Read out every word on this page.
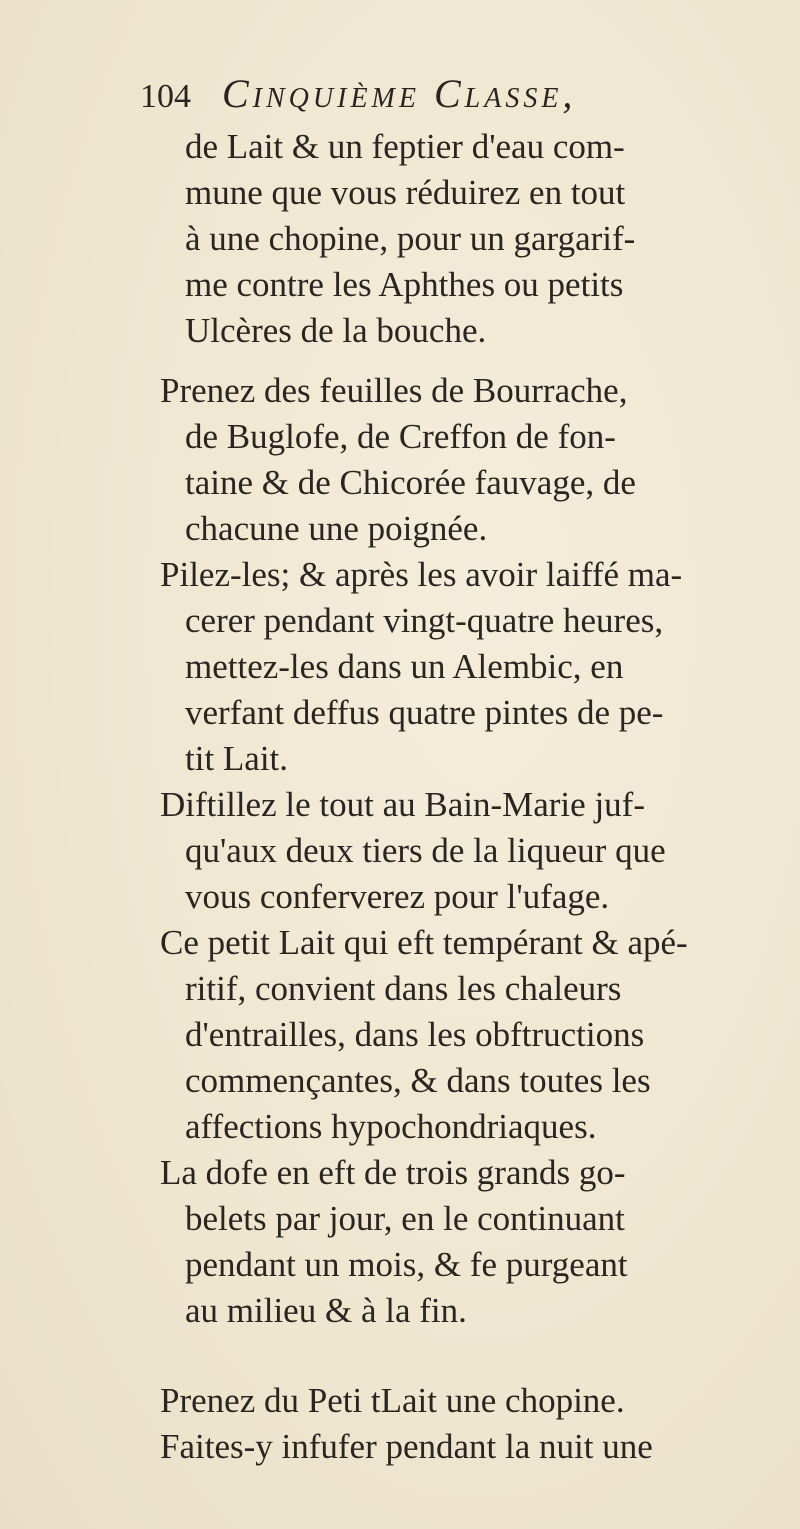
104 Cinquième Classe,
de Lait & un feptier d'eau com-
mune que vous réduirez en tout
à une chopine, pour un gargarif-
me contre les Aphthes ou petits
Ulcères de la bouche.
Prenez des feuilles de Bourrache,
de Buglofe, de Creffon de fon-
taine & de Chicorée fauvage, de
chacune une poignée.
Pilez-les; & après les avoir laiffé ma-
cerer pendant vingt-quatre heures,
mettez-les dans un Alembic, en
verfant deffus quatre pintes de pe-
tit Lait.
Diftillez le tout au Bain-Marie juf-
qu'aux deux tiers de la liqueur que
vous conferverez pour l'ufage.
Ce petit Lait qui eft tempérant & apé-
ritif, convient dans les chaleurs
d'entrailles, dans les obftructions
commençantes, & dans toutes les
affections hypochondriaques.
La dofe en eft de trois grands go-
belets par jour, en le continuant
pendant un mois, & fe purgeant
au milieu & à la fin.
Prenez du Peti tLait une chopine.
Faites-y infufer pendant la nuit une
